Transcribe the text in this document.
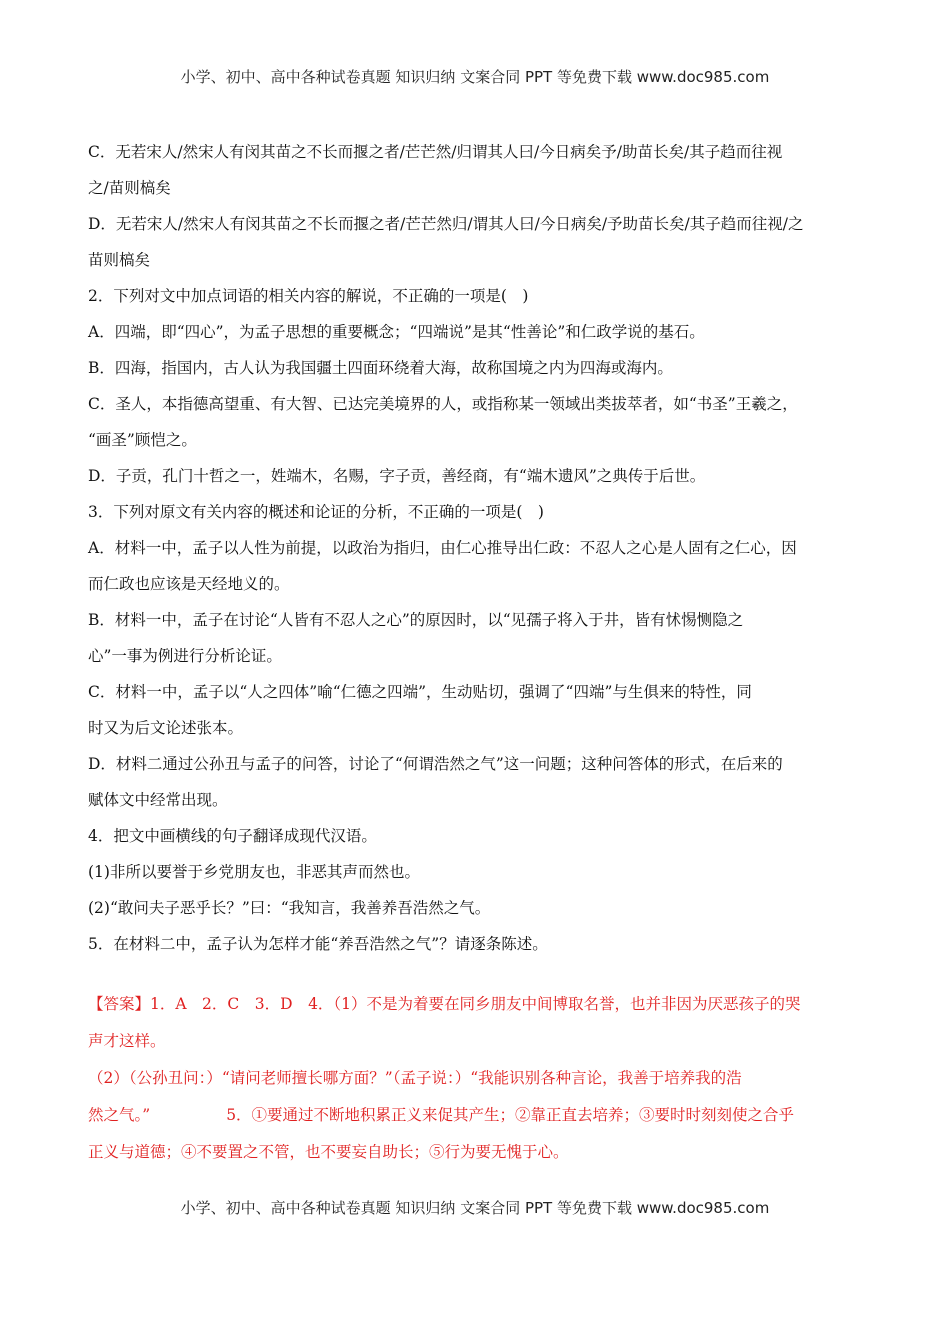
小学、初中、高中各种试卷真题 知识归纳 文案合同 PPT 等免费下载 www.doc985.com

C．无若宋人/然宋人有闵其苗之不长而揠之者/芒芒然/归谓其人曰/今日病矣予/助苗长矣/其子趋而往视

之/苗则槁矣

D．无若宋人/然宋人有闵其苗之不长而揠之者/芒芒然归/谓其人曰/今日病矣/予助苗长矣/其子趋而往视/之

苗则槁矣

2．下列对文中加点词语的相关内容的解说，不正确的一项是(　)

A．四端，即“四心”，为孟子思想的重要概念；“四端说”是其“性善论”和仁政学说的基石。

B．四海，指国内，古人认为我国疆土四面环绕着大海，故称国境之内为四海或海内。

C．圣人，本指德高望重、有大智、已达完美境界的人，或指称某一领域出类拔萃者，如“书圣”王羲之，

“画圣”顾恺之。

D．子贡，孔门十哲之一，姓端木，名赐，字子贡，善经商，有“端木遗风”之典传于后世。

3．下列对原文有关内容的概述和论证的分析，不正确的一项是(　)

A．材料一中，孟子以人性为前提，以政治为指归，由仁心推导出仁政：不忍人之心是人固有之仁心，因

而仁政也应该是天经地义的。

B．材料一中，孟子在讨论“人皆有不忍人之心”的原因时，以“见孺子将入于井，皆有怵惕恻隐之

心”一事为例进行分析论证。

C．材料一中，孟子以“人之四体”喻“仁德之四端”，生动贴切，强调了“四端”与生俱来的特性，同

时又为后文论述张本。

D．材料二通过公孙丑与孟子的问答，讨论了“何谓浩然之气”这一问题；这种问答体的形式，在后来的

赋体文中经常出现。

4．把文中画横线的句子翻译成现代汉语。

(1)非所以要誉于乡党朋友也，非恶其声而然也。

(2)“敢问夫子恶乎长？”曰：“我知言，我善养吾浩然之气。

5．在材料二中，孟子认为怎样才能“养吾浩然之气”？请逐条陈述。

【答案】1．A　2．C　3．D　4．（1）不是为着要在同乡朋友中间博取名誉，也并非因为厌恶孩子的哭

声才这样。

（2）（公孙丑问：）“请问老师擅长哪方面？”（孟子说：）“我能识别各种言论，我善于培养我的浩

然之气。”	5．①要通过不断地积累正义来促其产生；②靠正直去培养；③要时时刻刻使之合乎

正义与道德；④不要置之不管，也不要妄自助长；⑤行为要无愧于心。

小学、初中、高中各种试卷真题 知识归纳 文案合同 PPT 等免费下载 www.doc985.com
